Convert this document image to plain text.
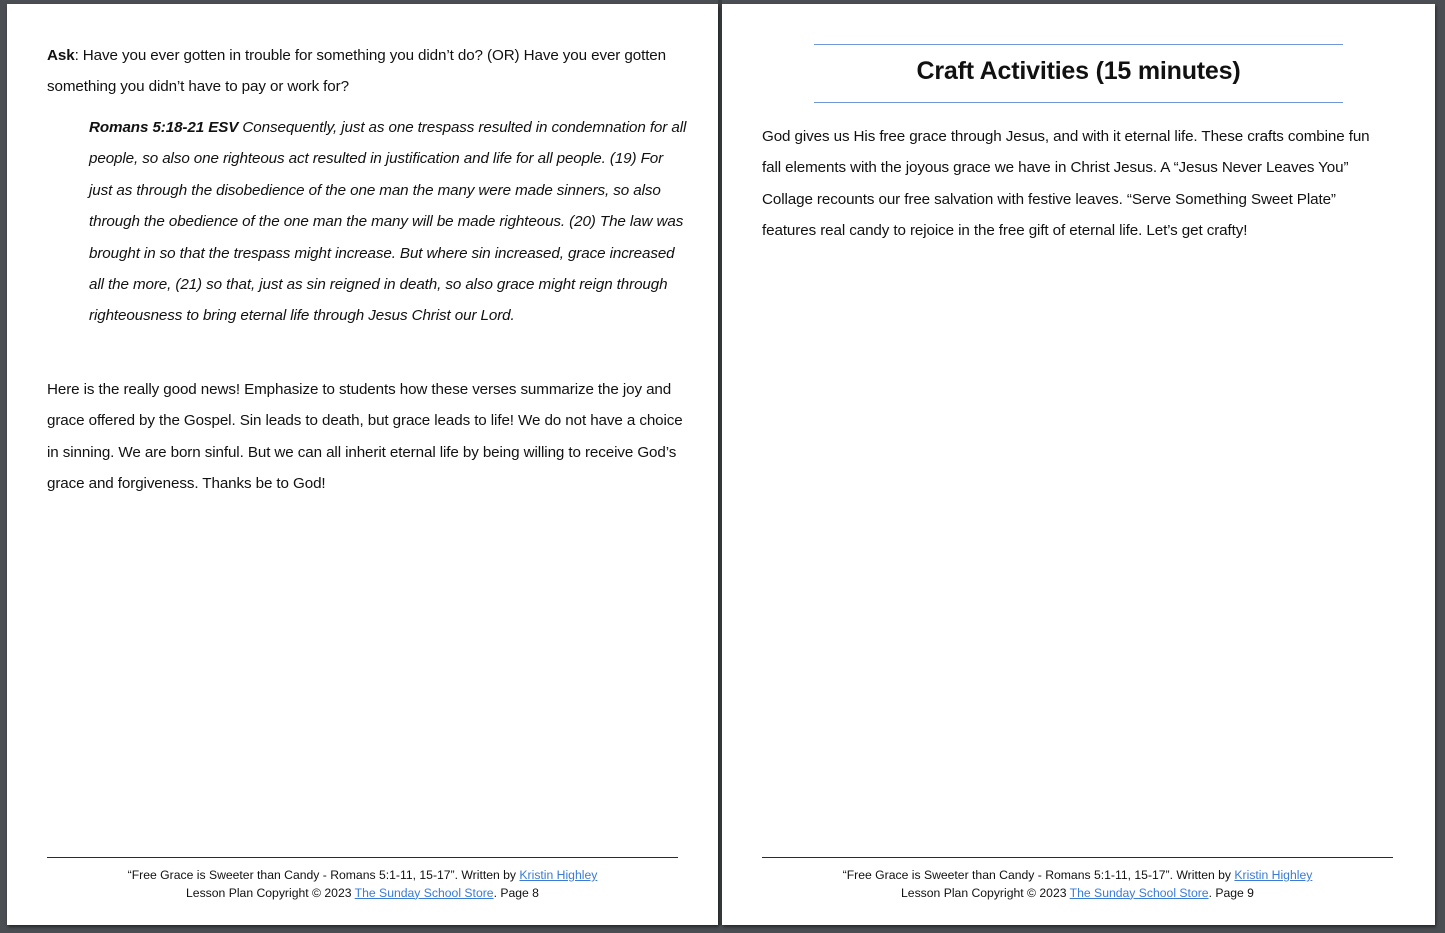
Ask: Have you ever gotten in trouble for something you didn’t do? (OR) Have you ever gotten something you didn’t have to pay or work for?

Romans 5:18-21 ESV Consequently, just as one trespass resulted in condemnation for all people, so also one righteous act resulted in justification and life for all people. (19) For just as through the disobedience of the one man the many were made sinners, so also through the obedience of the one man the many will be made righteous. (20) The law was brought in so that the trespass might increase. But where sin increased, grace increased all the more, (21) so that, just as sin reigned in death, so also grace might reign through righteousness to bring eternal life through Jesus Christ our Lord.

Here is the really good news! Emphasize to students how these verses summarize the joy and grace offered by the Gospel. Sin leads to death, but grace leads to life! We do not have a choice in sinning. We are born sinful. But we can all inherit eternal life by being willing to receive God’s grace and forgiveness. Thanks be to God!

“Free Grace is Sweeter than Candy - Romans 5:1-11, 15-17”. Written by Kristin Highley
Lesson Plan Copyright © 2023 The Sunday School Store. Page 8
Craft Activities (15 minutes)

God gives us His free grace through Jesus, and with it eternal life. These crafts combine fun fall elements with the joyous grace we have in Christ Jesus. A “Jesus Never Leaves You” Collage recounts our free salvation with festive leaves. “Serve Something Sweet Plate” features real candy to rejoice in the free gift of eternal life. Let’s get crafty!

“Free Grace is Sweeter than Candy - Romans 5:1-11, 15-17”. Written by Kristin Highley
Lesson Plan Copyright © 2023 The Sunday School Store. Page 9
